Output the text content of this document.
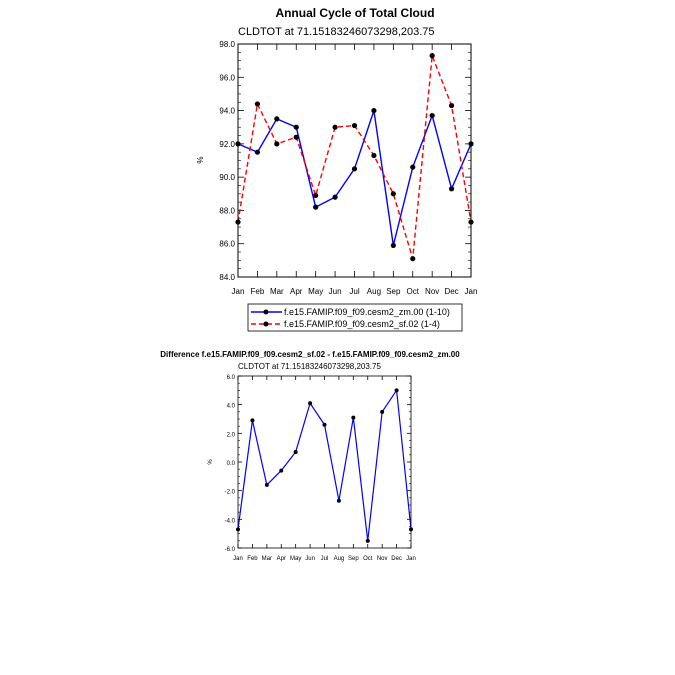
Annual Cycle of Total Cloud
CLDTOT at 71.15183246073298,203.75
%
Jan Feb Mar Apr May Jun Jul Aug Sep Oct Nov Dec Jan
84.0
86.0
88.0
90.0
92.0
94.0
96.0
98.0
f.e15.FAMIP.f09_f09.cesm2_zm.00 (1-10)
f.e15.FAMIP.f09_f09.cesm2_sf.02 (1-4)
Difference f.e15.FAMIP.f09_f09.cesm2_sf.02 - f.e15.FAMIP.f09_f09.cesm2_zm.00
CLDTOT at 71.15183246073298,203.75
%
Jan Feb Mar Apr May Jun Jul Aug Sep Oct Nov Dec Jan
-6.0
-4.0
-2.0
0.0
2.0
4.0
6.0
